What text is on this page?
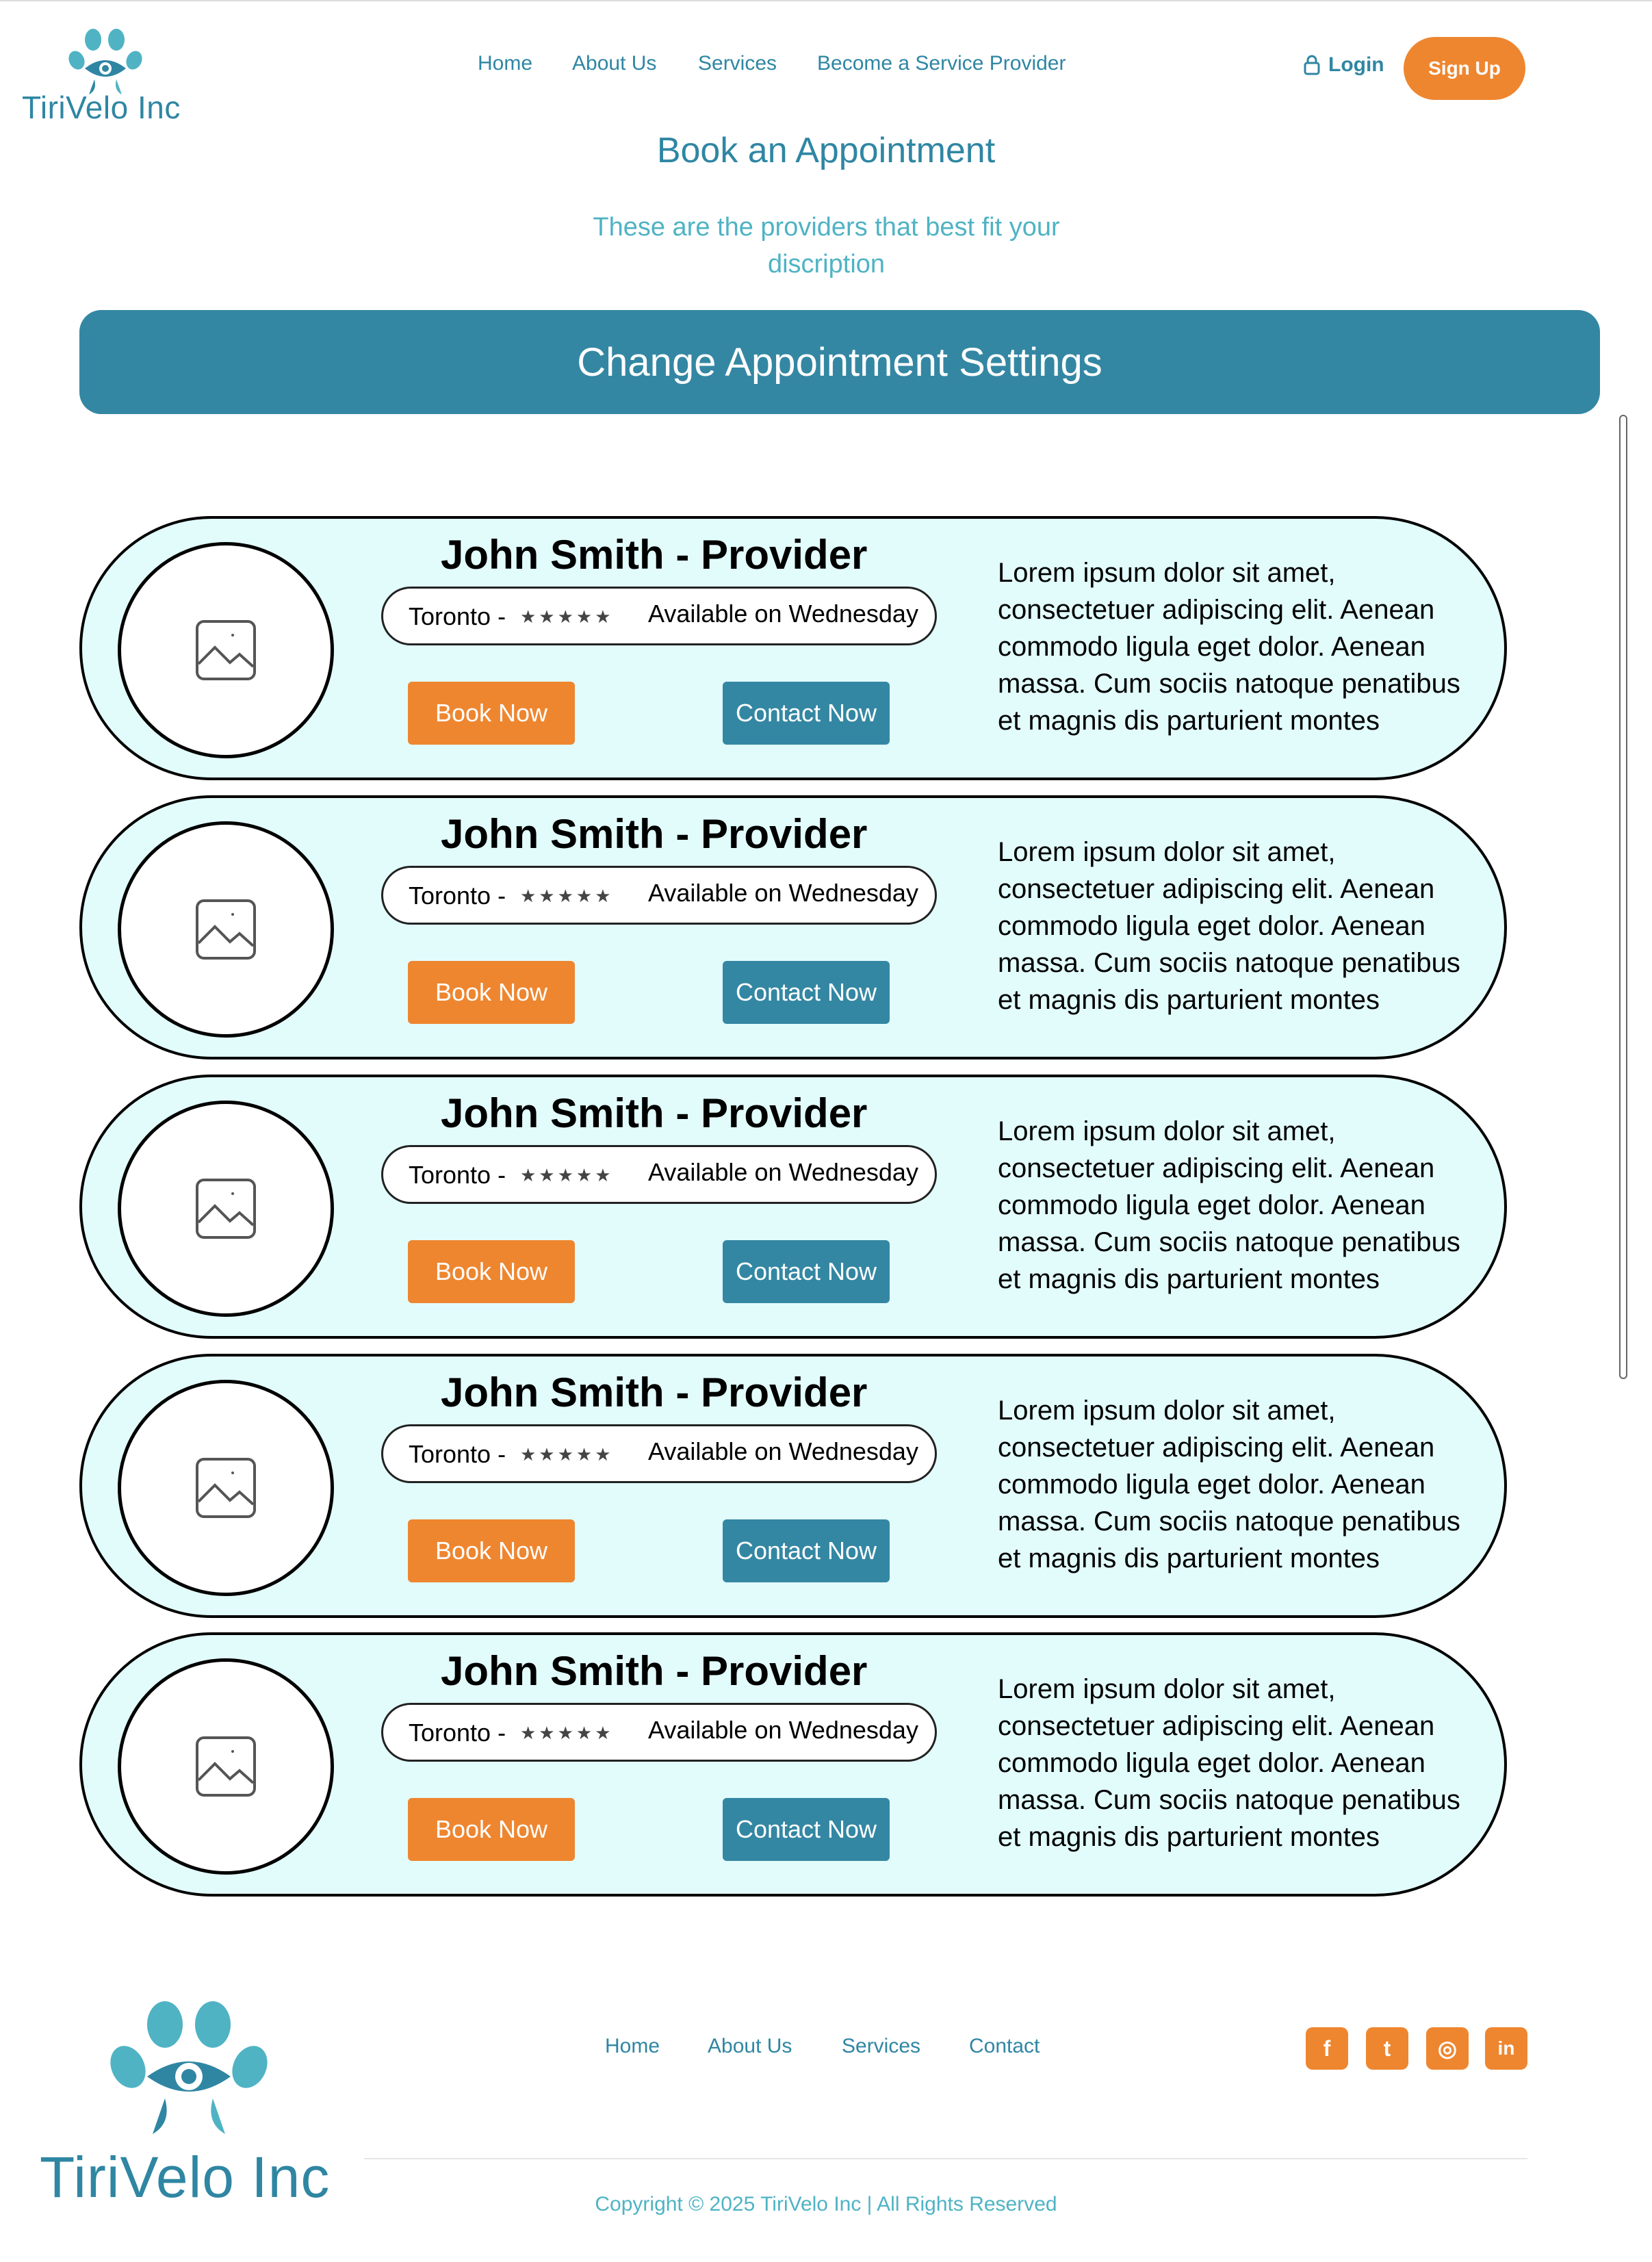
TiriVelo Inc
Home About Us Services Become a Service Provider	Login	Sign Up
Book an Appointment
These are the providers that best fit your discription
Change Appointment Settings
John Smith - Provider
Toronto - ★★★★★ Available on Wednesday
Book Now	Contact Now
Lorem ipsum dolor sit amet, consectetuer adipiscing elit. Aenean commodo ligula eget dolor. Aenean massa. Cum sociis natoque penatibus et magnis dis parturient montes
John Smith - Provider
Toronto - ★★★★★ Available on Wednesday
Book Now	Contact Now
Lorem ipsum dolor sit amet, consectetuer adipiscing elit. Aenean commodo ligula eget dolor. Aenean massa. Cum sociis natoque penatibus et magnis dis parturient montes
John Smith - Provider
Toronto - ★★★★★ Available on Wednesday
Book Now	Contact Now
Lorem ipsum dolor sit amet, consectetuer adipiscing elit. Aenean commodo ligula eget dolor. Aenean massa. Cum sociis natoque penatibus et magnis dis parturient montes
John Smith - Provider
Toronto - ★★★★★ Available on Wednesday
Book Now	Contact Now
Lorem ipsum dolor sit amet, consectetuer adipiscing elit. Aenean commodo ligula eget dolor. Aenean massa. Cum sociis natoque penatibus et magnis dis parturient montes
John Smith - Provider
Toronto - ★★★★★ Available on Wednesday
Book Now	Contact Now
Lorem ipsum dolor sit amet, consectetuer adipiscing elit. Aenean commodo ligula eget dolor. Aenean massa. Cum sociis natoque penatibus et magnis dis parturient montes
TiriVelo Inc
Home About Us Services Contact	f	t	◎	in
Copyright © 2025 TiriVelo Inc | All Rights Reserved
